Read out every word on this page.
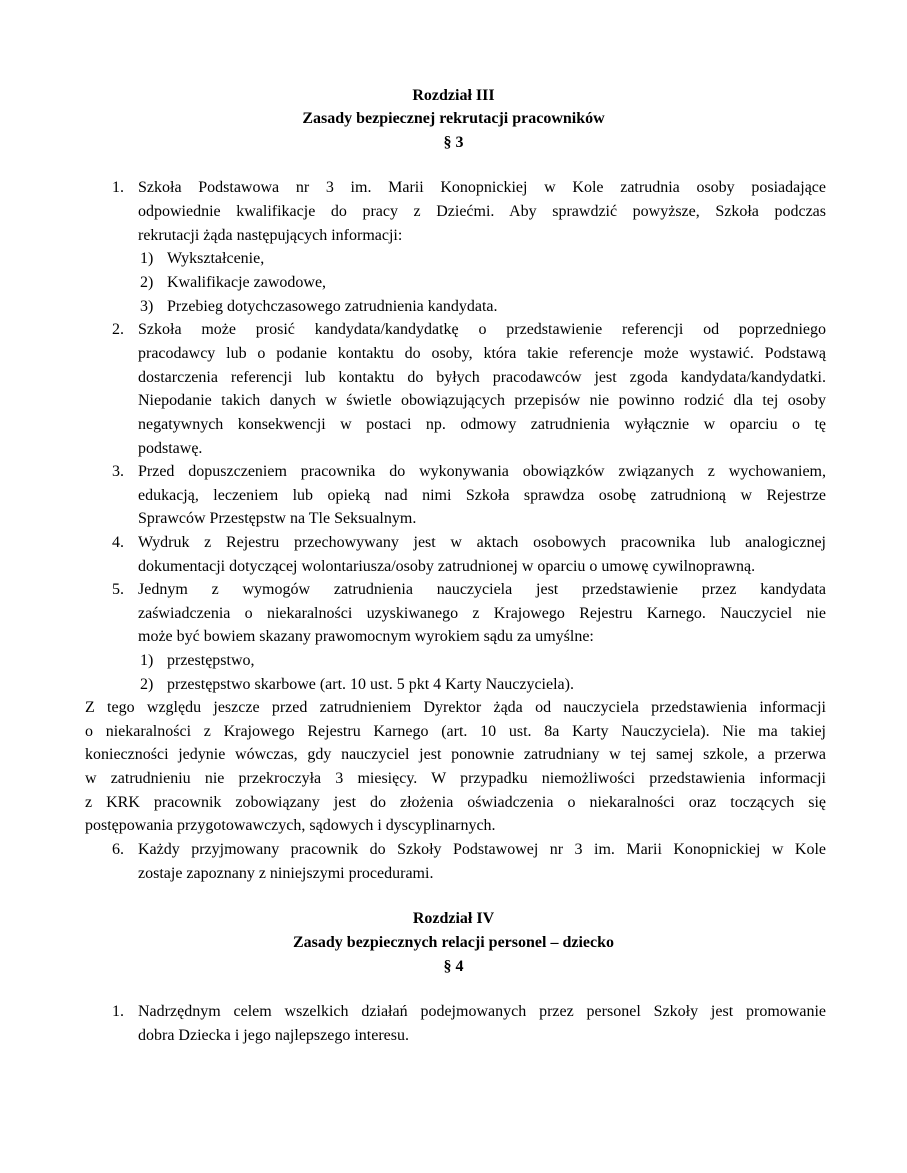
Rozdział III
Zasady bezpiecznej rekrutacji pracowników
§ 3
1. Szkoła Podstawowa nr 3 im. Marii Konopnickiej w Kole zatrudnia osoby posiadające
odpowiednie kwalifikacje do pracy z Dziećmi. Aby sprawdzić powyższe, Szkoła podczas
rekrutacji żąda następujących informacji:
1) Wykształcenie,
2) Kwalifikacje zawodowe,
3) Przebieg dotychczasowego zatrudnienia kandydata.
2. Szkoła może prosić kandydata/kandydatkę o przedstawienie referencji od poprzedniego
pracodawcy lub o podanie kontaktu do osoby, która takie referencje może wystawić. Podstawą
dostarczenia referencji lub kontaktu do byłych pracodawców jest zgoda kandydata/kandydatki.
Niepodanie takich danych w świetle obowiązujących przepisów nie powinno rodzić dla tej osoby
negatywnych konsekwencji w postaci np. odmowy zatrudnienia wyłącznie w oparciu o tę
podstawę.
3. Przed dopuszczeniem pracownika do wykonywania obowiązków związanych z wychowaniem,
edukacją, leczeniem lub opieką nad nimi Szkoła sprawdza osobę zatrudnioną w Rejestrze
Sprawców Przestępstw na Tle Seksualnym.
4. Wydruk z Rejestru przechowywany jest w aktach osobowych pracownika lub analogicznej
dokumentacji dotyczącej wolontariusza/osoby zatrudnionej w oparciu o umowę cywilnoprawną.
5. Jednym z wymogów zatrudnienia nauczyciela jest przedstawienie przez kandydata
zaświadczenia o niekaralności uzyskiwanego z Krajowego Rejestru Karnego. Nauczyciel nie
może być bowiem skazany prawomocnym wyrokiem sądu za umyślne:
1) przestępstwo,
2) przestępstwo skarbowe (art. 10 ust. 5 pkt 4 Karty Nauczyciela).
Z tego względu jeszcze przed zatrudnieniem Dyrektor żąda od nauczyciela przedstawienia informacji
o niekaralności z Krajowego Rejestru Karnego (art. 10 ust. 8a Karty Nauczyciela). Nie ma takiej
konieczności jedynie wówczas, gdy nauczyciel jest ponownie zatrudniany w tej samej szkole, a przerwa
w zatrudnieniu nie przekroczyła 3 miesięcy. W przypadku niemożliwości przedstawienia informacji
z KRK pracownik zobowiązany jest do złożenia oświadczenia o niekaralności oraz toczących się
postępowania przygotowawczych, sądowych i dyscyplinarnych.
6. Każdy przyjmowany pracownik do Szkoły Podstawowej nr 3 im. Marii Konopnickiej w Kole
zostaje zapoznany z niniejszymi procedurami.
Rozdział IV
Zasady bezpiecznych relacji personel – dziecko
§ 4
1. Nadrzędnym celem wszelkich działań podejmowanych przez personel Szkoły jest promowanie
dobra Dziecka i jego najlepszego interesu.
